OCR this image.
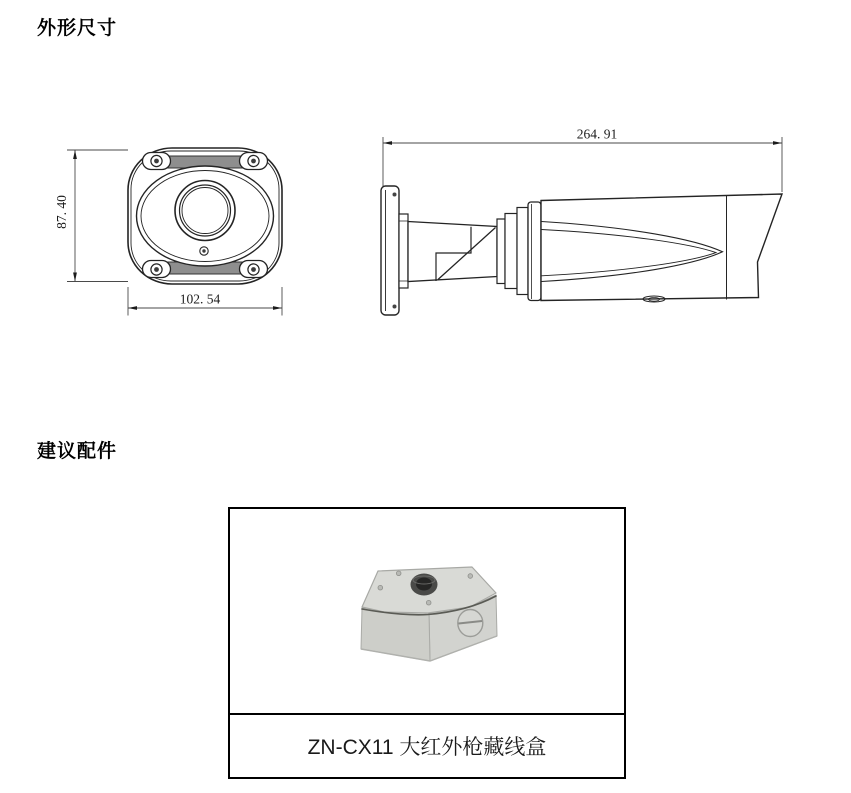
外形尺寸
87. 40
102. 54
264. 91
建议配件
ZN-CX11 大红外枪藏线盒
